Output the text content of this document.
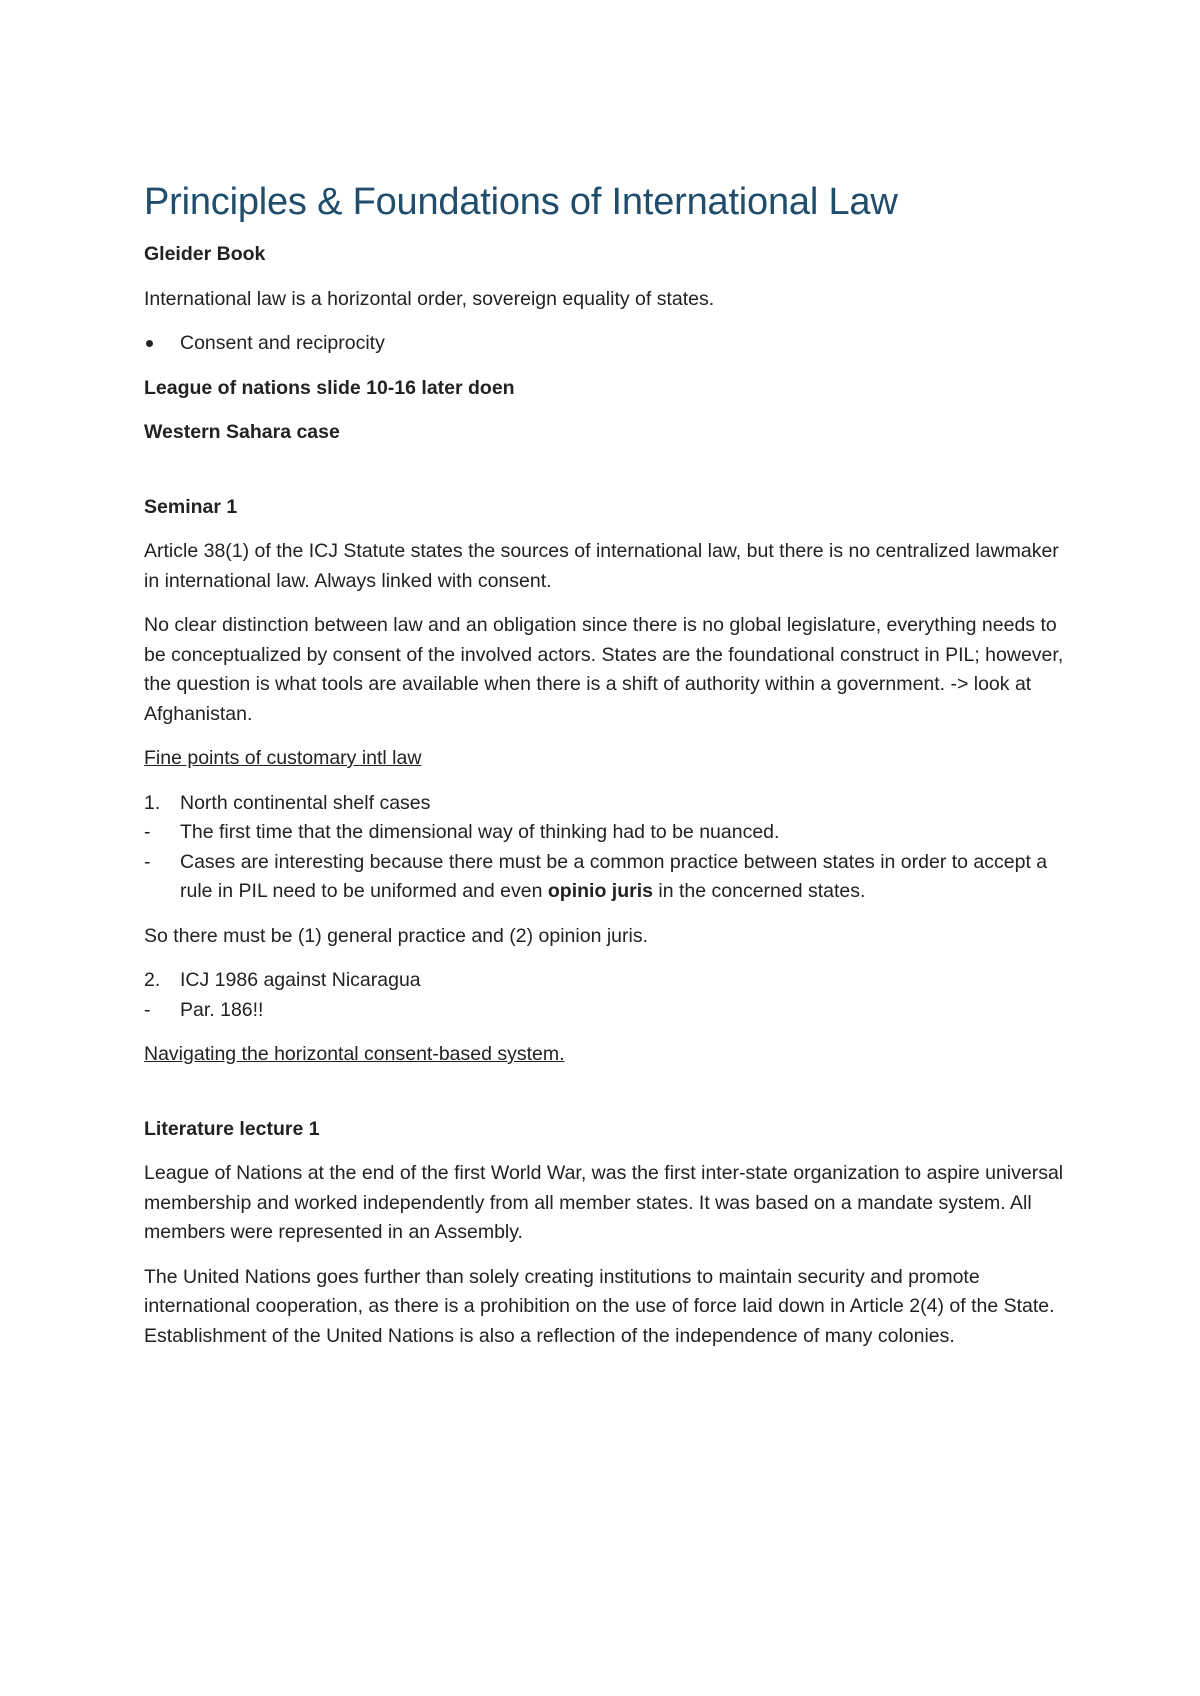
Principles & Foundations of International Law
Gleider Book
International law is a horizontal order, sovereign equality of states.
Consent and reciprocity
League of nations slide 10-16 later doen
Western Sahara case
Seminar 1
Article 38(1) of the ICJ Statute states the sources of international law, but there is no centralized lawmaker in international law. Always linked with consent.
No clear distinction between law and an obligation since there is no global legislature, everything needs to be conceptualized by consent of the involved actors. States are the foundational construct in PIL; however, the question is what tools are available when there is a shift of authority within a government. -> look at Afghanistan.
Fine points of customary intl law
1.	North continental shelf cases
-	The first time that the dimensional way of thinking had to be nuanced.
-	Cases are interesting because there must be a common practice between states in order to accept a rule in PIL need to be uniformed and even opinio juris in the concerned states.
So there must be (1) general practice and (2) opinion juris.
2.	ICJ 1986 against Nicaragua
-	Par. 186!!
Navigating the horizontal consent-based system.
Literature lecture 1
League of Nations at the end of the first World War, was the first inter-state organization to aspire universal membership and worked independently from all member states. It was based on a mandate system. All members were represented in an Assembly.
The United Nations goes further than solely creating institutions to maintain security and promote international cooperation, as there is a prohibition on the use of force laid down in Article 2(4) of the State. Establishment of the United Nations is also a reflection of the independence of many colonies.
